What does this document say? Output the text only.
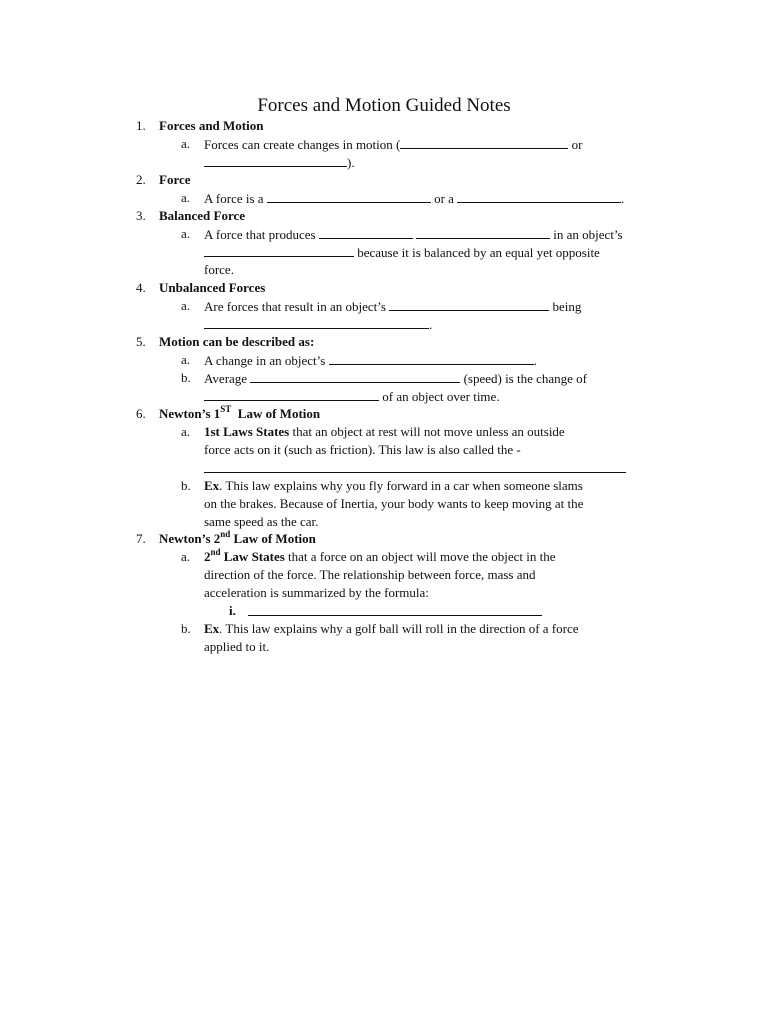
Forces and Motion Guided Notes
1. Forces and Motion
a. Forces can create changes in motion (	or
).
2. Force
a. A force is a	or a	.
3. Balanced Force
a. A force that produces	in an object’s
because it is balanced by an equal yet opposite
force.
4. Unbalanced Forces
a. Are forces that result in an object’s	being
.
5. Motion can be described as:
a. A change in an object’s	.
b. Average	(speed) is the change of
of an object over time.
6. Newton’s 1ST  Law of Motion
a. 1st Laws States that an object at rest will not move unless an outside
force acts on it (such as friction). This law is also called the -
b. Ex. This law explains why you fly forward in a car when someone slams
on the brakes. Because of Inertia, your body wants to keep moving at the
same speed as the car.
7. Newton’s 2nd Law of Motion
a. 2nd Law States that a force on an object will move the object in the
direction of the force. The relationship between force, mass and
acceleration is summarized by the formula:
i.
b. Ex. This law explains why a golf ball will roll in the direction of a force
applied to it.
